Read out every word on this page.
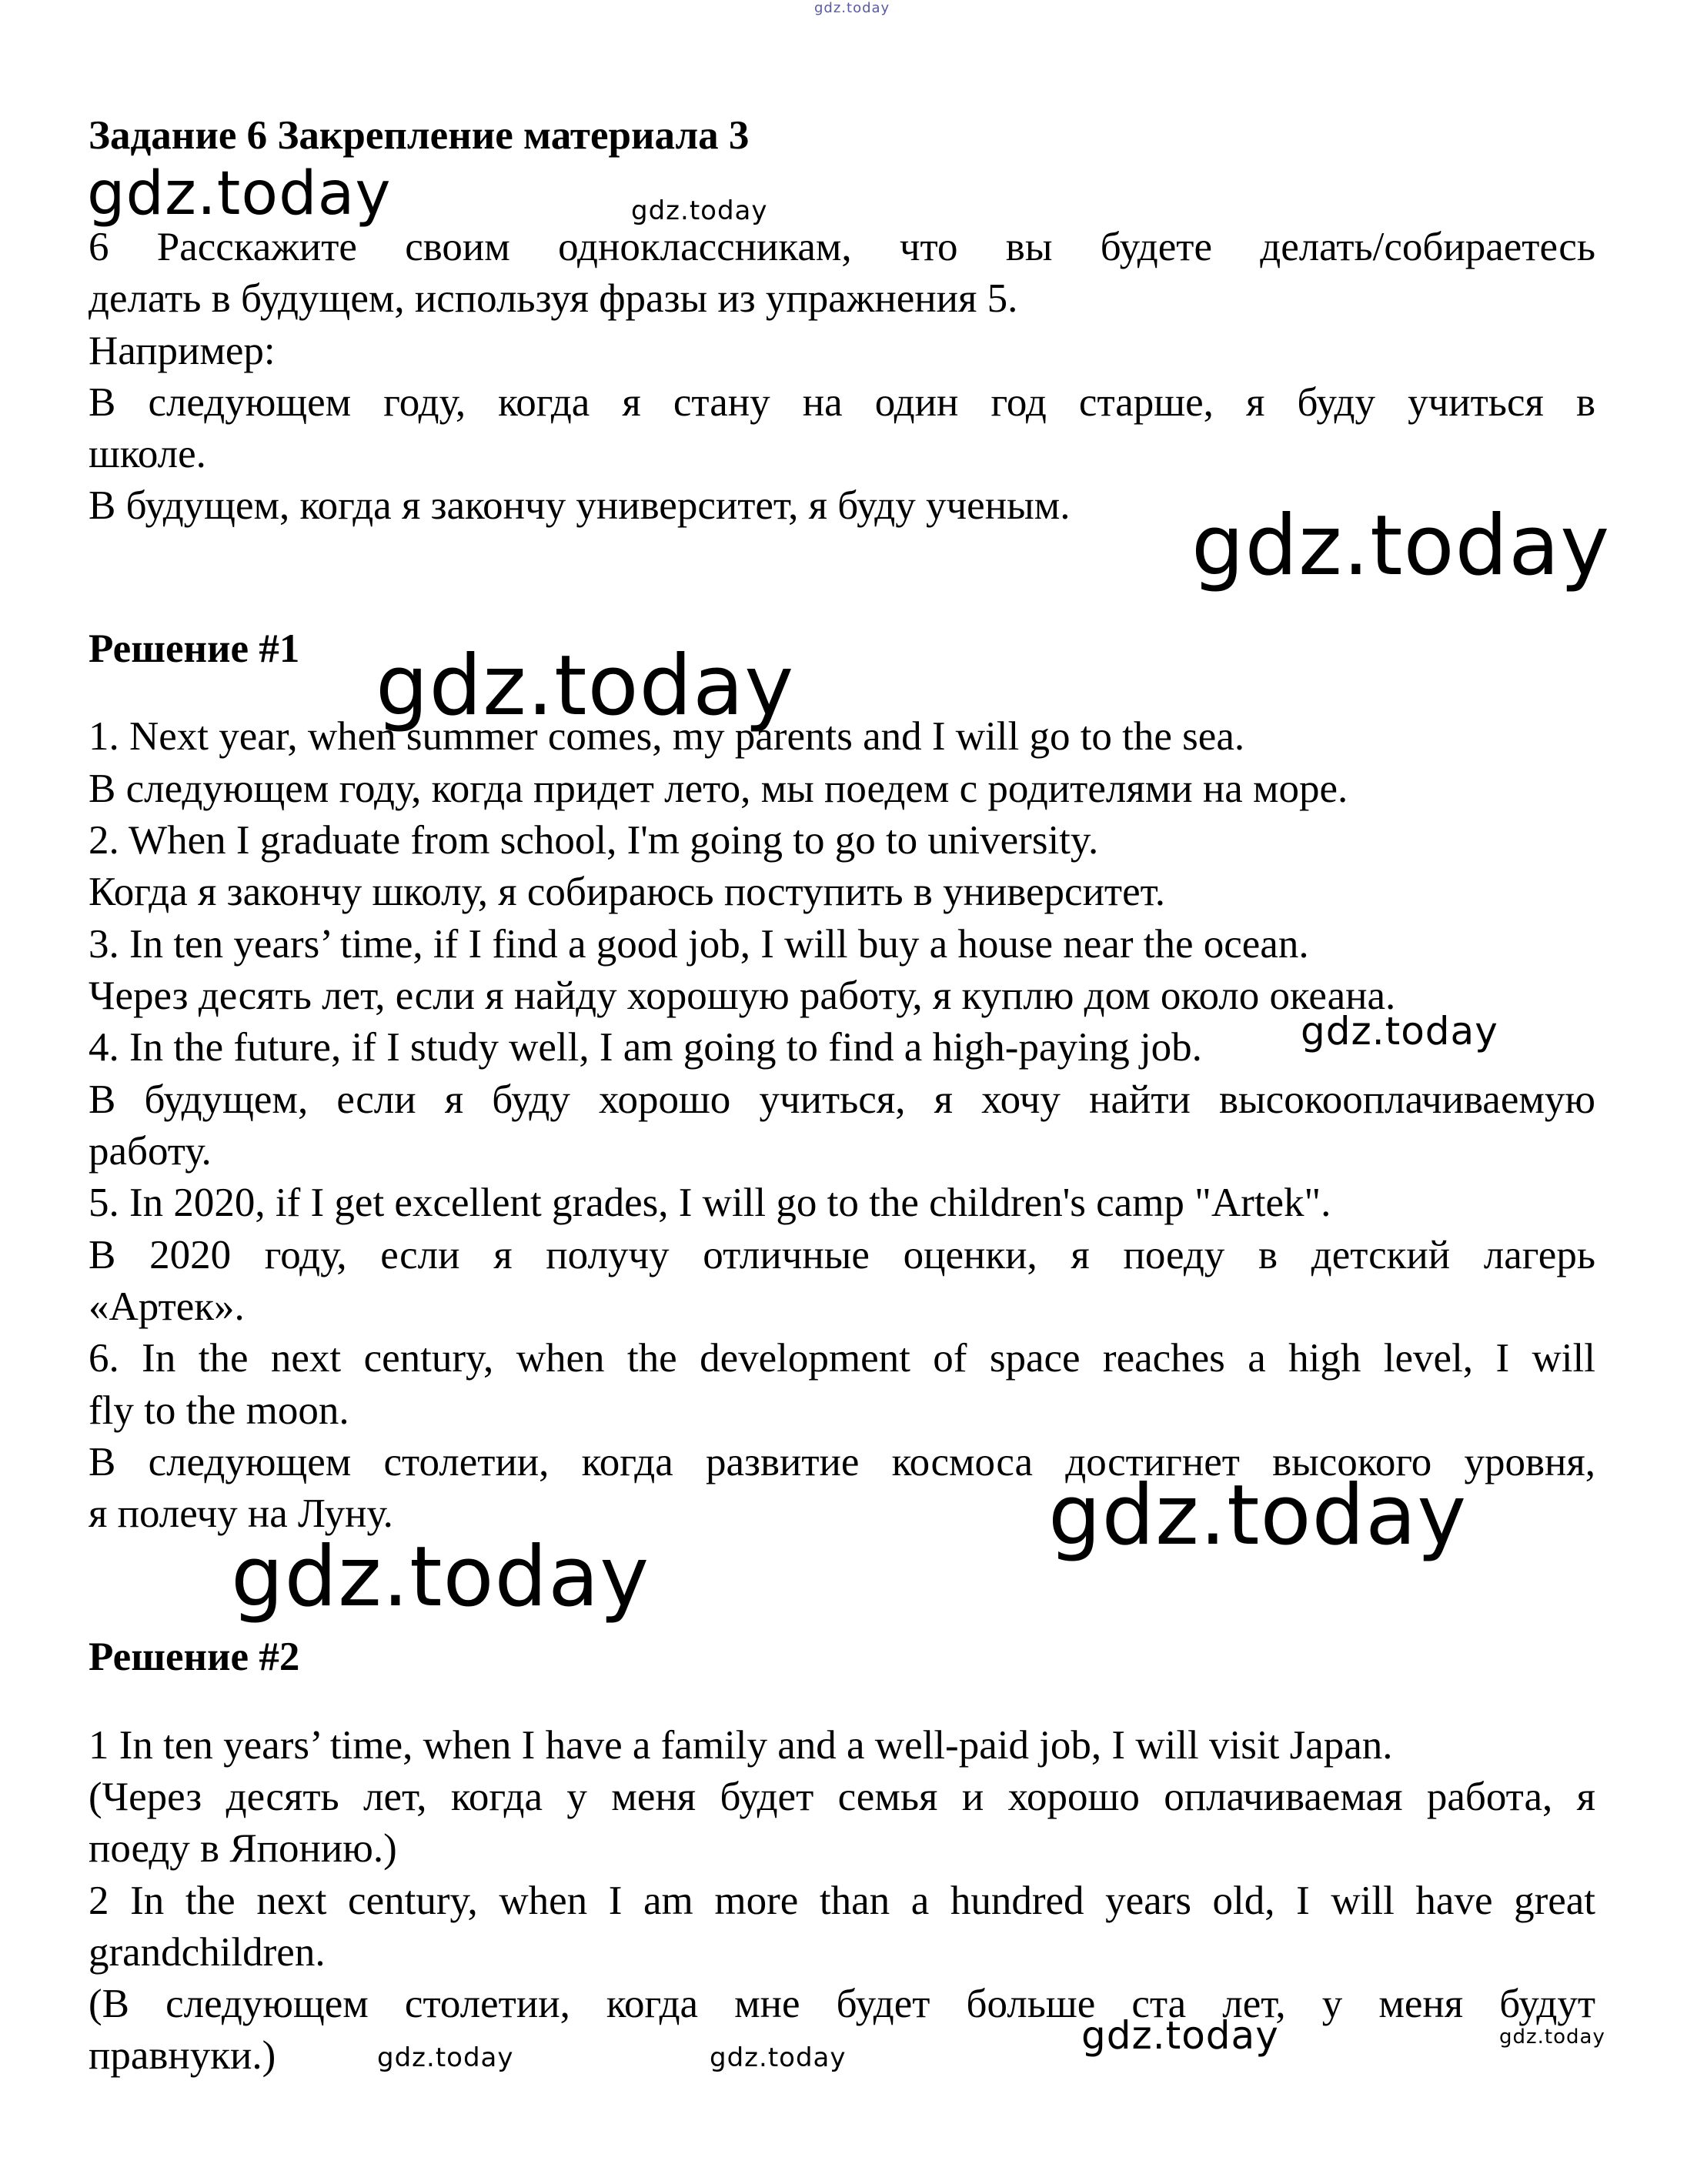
gdz.today
Задание 6 Закрепление материала 3
gdz.today	gdz.today
6 Расскажите своим одноклассникам, что вы будете делать/собираетесь
делать в будущем, используя фразы из упражнения 5.
Например:
В следующем году, когда я стану на один год старше, я буду учиться в
школе.
В будущем, когда я закончу университет, я буду ученым. gdz.today
Решение #1 gdz.today
1. Next year, when summer comes, my parents and I will go to the sea.
В следующем году, когда придет лето, мы поедем с родителями на море.
2. When I graduate from school, I'm going to go to university.
Когда я закончу школу, я собираюсь поступить в университет.
3. In ten years’ time, if I find a good job, I will buy a house near the ocean.
Через десять лет, если я найду хорошую работу, я куплю дом около океана.
4. In the future, if I study well, I am going to find a high-paying job.	gdz.today
В будущем, если я буду хорошо учиться, я хочу найти высокооплачиваемую
работу.
5. In 2020, if I get excellent grades, I will go to the children's camp "Artek".
В 2020 году, если я получу отличные оценки, я поеду в детский лагерь
«Артек».
6. In the next century, when the development of space reaches a high level, I will
fly to the moon.
В следующем столетии, когда развитие космоса достигнет высокого уровня,
я полечу на Луну.	gdz.today
gdz.today
Решение #2
1 In ten years’ time, when I have a family and a well-paid job, I will visit Japan.
(Через десять лет, когда у меня будет семья и хорошо оплачиваемая работа, я
поеду в Японию.)
2 In the next century, when I am more than a hundred years old, I will have great
grandchildren.
(В следующем столетии, когда мне будет больше ста лет, у меня будут
правнуки.)	gdz.today	gdz.today	gdz.today	gdz.today
